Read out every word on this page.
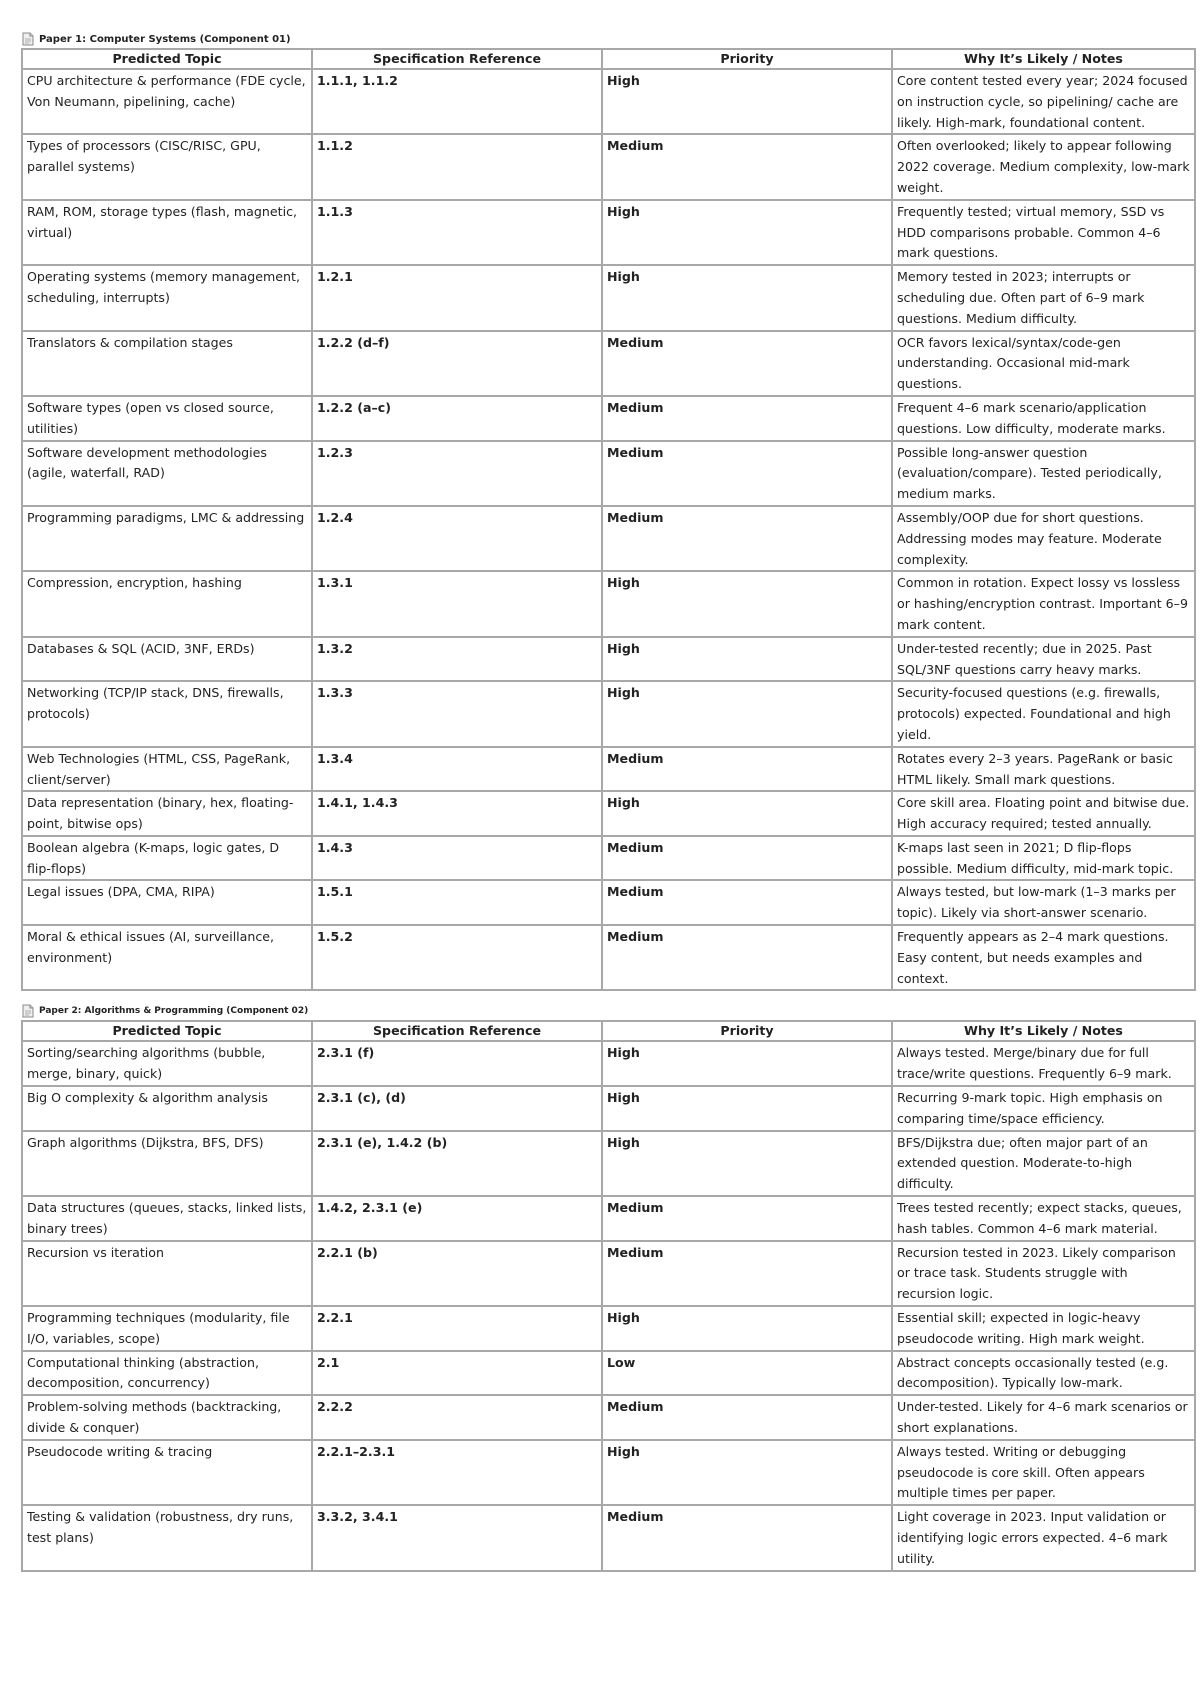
Paper 1: Computer Systems (Component 01)
Predicted Topic	Specification Reference	Priority	Why It’s Likely / Notes
CPU architecture & performance (FDE cycle, Von Neumann, pipelining, cache)	1.1.1, 1.1.2	High	Core content tested every year; 2024 focused on instruction cycle, so pipelining/ cache are likely. High-mark, foundational content.
Types of processors (CISC/RISC, GPU, parallel systems)	1.1.2	Medium	Often overlooked; likely to appear following 2022 coverage. Medium complexity, low-mark weight.
RAM, ROM, storage types (flash, magnetic, virtual)	1.1.3	High	Frequently tested; virtual memory, SSD vs HDD comparisons probable. Common 4–6 mark questions.
Operating systems (memory management, scheduling, interrupts)	1.2.1	High	Memory tested in 2023; interrupts or scheduling due. Often part of 6–9 mark questions. Medium difficulty.
Translators & compilation stages	1.2.2 (d–f)	Medium	OCR favors lexical/syntax/code-gen understanding. Occasional mid-mark questions.
Software types (open vs closed source, utilities)	1.2.2 (a–c)	Medium	Frequent 4–6 mark scenario/application questions. Low difficulty, moderate marks.
Software development methodologies (agile, waterfall, RAD)	1.2.3	Medium	Possible long-answer question (evaluation/compare). Tested periodically, medium marks.
Programming paradigms, LMC & addressing	1.2.4	Medium	Assembly/OOP due for short questions. Addressing modes may feature. Moderate complexity.
Compression, encryption, hashing	1.3.1	High	Common in rotation. Expect lossy vs lossless or hashing/encryption contrast. Important 6–9 mark content.
Databases & SQL (ACID, 3NF, ERDs)	1.3.2	High	Under-tested recently; due in 2025. Past SQL/3NF questions carry heavy marks.
Networking (TCP/IP stack, DNS, firewalls, protocols)	1.3.3	High	Security-focused questions (e.g. firewalls, protocols) expected. Foundational and high yield.
Web Technologies (HTML, CSS, PageRank, client/server)	1.3.4	Medium	Rotates every 2–3 years. PageRank or basic HTML likely. Small mark questions.
Data representation (binary, hex, floating-point, bitwise ops)	1.4.1, 1.4.3	High	Core skill area. Floating point and bitwise due. High accuracy required; tested annually.
Boolean algebra (K-maps, logic gates, D flip-flops)	1.4.3	Medium	K-maps last seen in 2021; D flip-flops possible. Medium difficulty, mid-mark topic.
Legal issues (DPA, CMA, RIPA)	1.5.1	Medium	Always tested, but low-mark (1–3 marks per topic). Likely via short-answer scenario.
Moral & ethical issues (AI, surveillance, environment)	1.5.2	Medium	Frequently appears as 2–4 mark questions. Easy content, but needs examples and context.
Paper 2: Algorithms & Programming (Component 02)
Predicted Topic	Specification Reference	Priority	Why It’s Likely / Notes
Sorting/searching algorithms (bubble, merge, binary, quick)	2.3.1 (f)	High	Always tested. Merge/binary due for full trace/write questions. Frequently 6–9 mark.
Big O complexity & algorithm analysis	2.3.1 (c), (d)	High	Recurring 9-mark topic. High emphasis on comparing time/space efficiency.
Graph algorithms (Dijkstra, BFS, DFS)	2.3.1 (e), 1.4.2 (b)	High	BFS/Dijkstra due; often major part of an extended question. Moderate-to-high difficulty.
Data structures (queues, stacks, linked lists, binary trees)	1.4.2, 2.3.1 (e)	Medium	Trees tested recently; expect stacks, queues, hash tables. Common 4–6 mark material.
Recursion vs iteration	2.2.1 (b)	Medium	Recursion tested in 2023. Likely comparison or trace task. Students struggle with recursion logic.
Programming techniques (modularity, file I/O, variables, scope)	2.2.1	High	Essential skill; expected in logic-heavy pseudocode writing. High mark weight.
Computational thinking (abstraction, decomposition, concurrency)	2.1	Low	Abstract concepts occasionally tested (e.g. decomposition). Typically low-mark.
Problem-solving methods (backtracking, divide & conquer)	2.2.2	Medium	Under-tested. Likely for 4–6 mark scenarios or short explanations.
Pseudocode writing & tracing	2.2.1–2.3.1	High	Always tested. Writing or debugging pseudocode is core skill. Often appears multiple times per paper.
Testing & validation (robustness, dry runs, test plans)	3.3.2, 3.4.1	Medium	Light coverage in 2023. Input validation or identifying logic errors expected. 4–6 mark utility.
